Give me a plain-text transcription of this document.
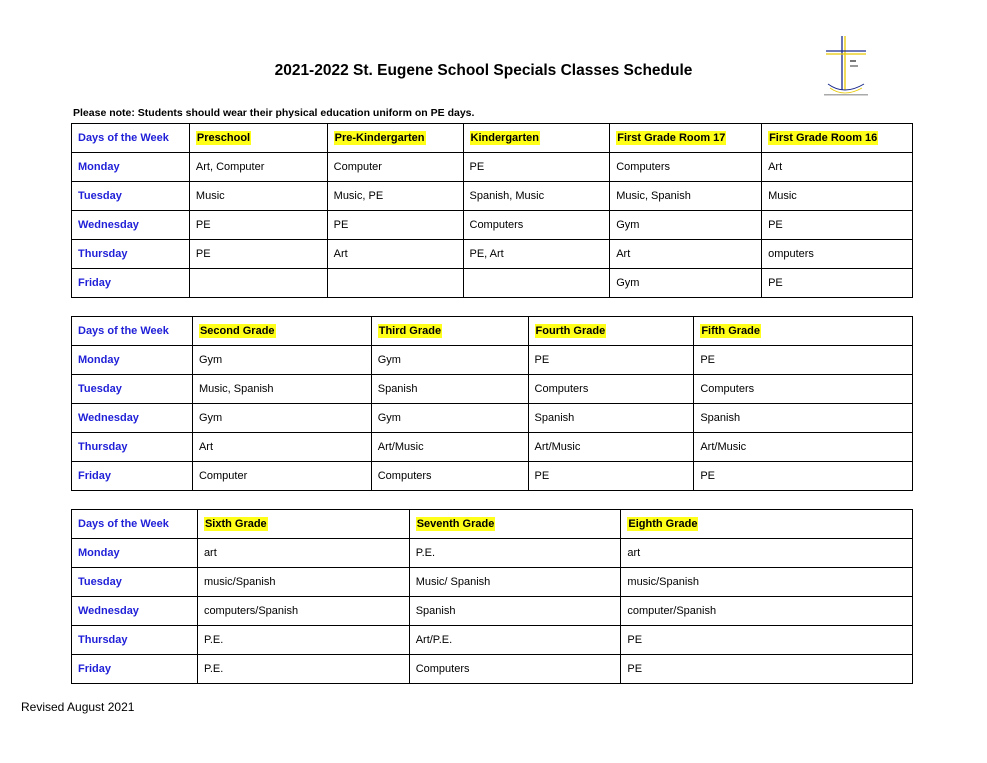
2021-2022 St. Eugene School Specials Classes Schedule
Please note: Students should wear their physical education uniform on PE days.
Days of the Week	Preschool	Pre-Kindergarten	Kindergarten	First Grade Room 17	First Grade Room 16
Monday	Art, Computer	Computer	PE	Computers	Art
Tuesday	Music	Music, PE	Spanish, Music	Music, Spanish	Music
Wednesday	PE	PE	Computers	Gym	PE
Thursday	PE	Art	PE, Art	Art	omputers
Friday				Gym	PE
Days of the Week	Second Grade	Third Grade	Fourth Grade	Fifth Grade
Monday	Gym	Gym	PE	PE
Tuesday	Music, Spanish	Spanish	Computers	Computers
Wednesday	Gym	Gym	Spanish	Spanish
Thursday	Art	Art/Music	Art/Music	Art/Music
Friday	Computer	Computers	PE	PE
Days of the Week	Sixth Grade	Seventh Grade	Eighth Grade
Monday	art	P.E.	art
Tuesday	music/Spanish	Music/ Spanish	music/Spanish
Wednesday	computers/Spanish	Spanish	computer/Spanish
Thursday	P.E.	Art/P.E.	PE
Friday	P.E.	Computers	PE
Revised August 2021
